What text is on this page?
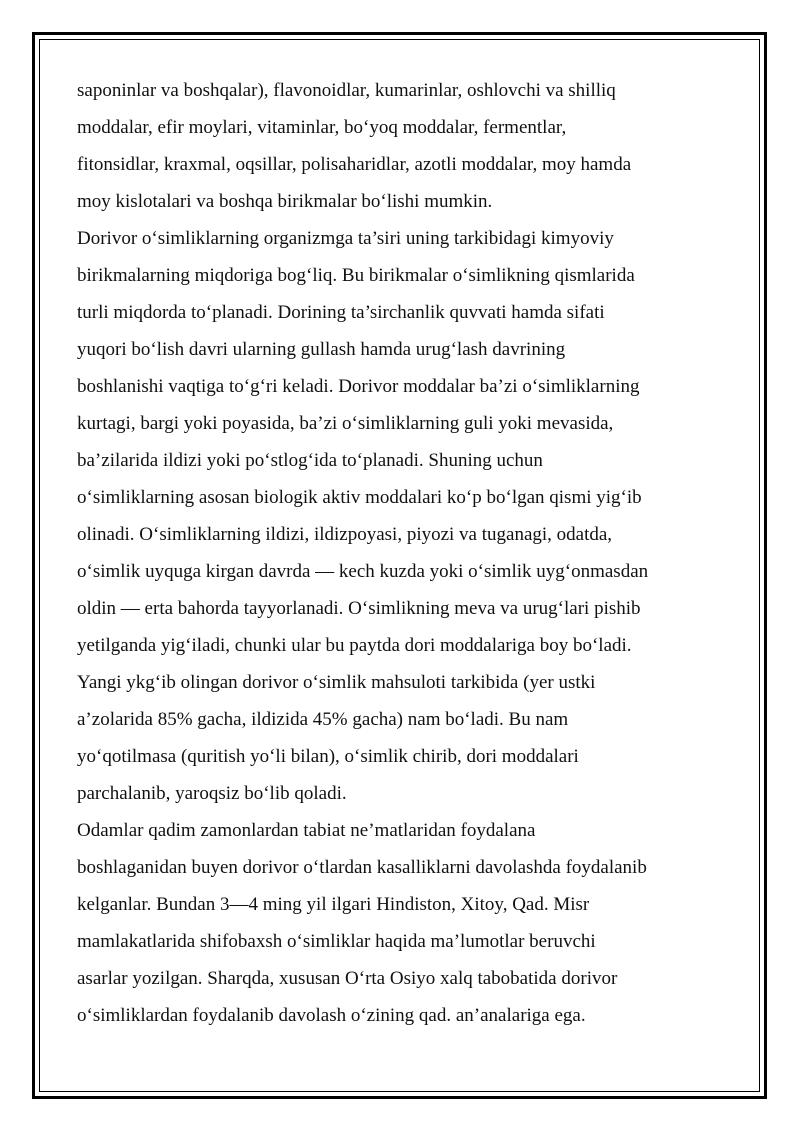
saponinlar va boshqalar), flavonoidlar, kumarinlar, oshlovchi va shilliq
moddalar, efir moylari, vitaminlar, bo‘yoq moddalar, fermentlar,
fitonsidlar, kraxmal, oqsillar, polisaharidlar, azotli moddalar, moy hamda
moy kislotalari va boshqa birikmalar bo‘lishi mumkin.
Dorivor o‘simliklarning organizmga ta’siri uning tarkibidagi kimyoviy
birikmalarning miqdoriga bog‘liq. Bu birikmalar o‘simlikning qismlarida
turli miqdorda to‘planadi. Dorining ta’sirchanlik quvvati hamda sifati
yuqori bo‘lish davri ularning gullash hamda urug‘lash davrining
boshlanishi vaqtiga to‘g‘ri keladi. Dorivor moddalar ba’zi o‘simliklarning
kurtagi, bargi yoki poyasida, ba’zi o‘simliklarning guli yoki mevasida,
ba’zilarida ildizi yoki po‘stlog‘ida to‘planadi. Shuning uchun
o‘simliklarning asosan biologik aktiv moddalari ko‘p bo‘lgan qismi yig‘ib
olinadi. O‘simliklarning ildizi, ildizpoyasi, piyozi va tuganagi, odatda,
o‘simlik uyquga kirgan davrda — kech kuzda yoki o‘simlik uyg‘onmasdan
oldin — erta bahorda tayyorlanadi. O‘simlikning meva va urug‘lari pishib
yetilganda yig‘iladi, chunki ular bu paytda dori moddalariga boy bo‘ladi.
Yangi ykg‘ib olingan dorivor o‘simlik mahsuloti tarkibida (yer ustki
a’zolarida 85% gacha, ildizida 45% gacha) nam bo‘ladi. Bu nam
yo‘qotilmasa (quritish yo‘li bilan), o‘simlik chirib, dori moddalari
parchalanib, yaroqsiz bo‘lib qoladi.
Odamlar qadim zamonlardan tabiat ne’matlaridan foydalana
boshlaganidan buyen dorivor o‘tlardan kasalliklarni davolashda foydalanib
kelganlar. Bundan 3—4 ming yil ilgari Hindiston, Xitoy, Qad. Misr
mamlakatlarida shifobaxsh o‘simliklar haqida ma’lumotlar beruvchi
asarlar yozilgan. Sharqda, xususan O‘rta Osiyo xalq tabobatida dorivor
o‘simliklardan foydalanib davolash o‘zining qad. an’analariga ega.
